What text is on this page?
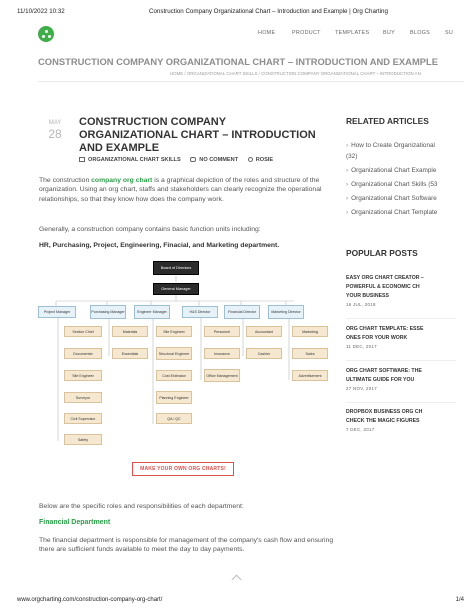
11/10/2022 10:32	Construction Company Organizational Chart – Introduction and Example | Org Charting
HOME	PRODUCT	TEMPLATES	BUY	BLOGS	SU
CONSTRUCTION COMPANY ORGANIZATIONAL CHART – INTRODUCTION AND EXAMPLE
HOME / ORGANIZATIONAL CHART SKILLS / CONSTRUCTION COMPANY ORGANIZATIONAL CHART – INTRODUCTION AN
MAY
28
CONSTRUCTION COMPANY ORGANIZATIONAL CHART – INTRODUCTION AND EXAMPLE
ORGANIZATIONAL CHART SKILLS	NO COMMENT	ROSIE

The construction company org chart is a graphical depiction of the roles and structure of the organization. Using an org chart, staffs and stakeholders can clearly recognize the operational relationships, so that they know how does the company work.

Generally, a construction company contains basic function units including:

HR, Purchasing, Project, Engineering, Finacial, and Marketing department.

Board of Directors
General Manager
Project Manager	Purchasing Manager	Engineer Manager	H&S Director	Financial Director	Marketing Director
Section Chief
Documenter
Site Engineer
Surveyor
Civil Supervisor
Safety
Materials
Essentials
Site Engineer
Structural Engineer
Cost Estimator
Planning Engineer
QA / QC
Personnel
Insurance
Office Management
Accountant
Cashier
Marketing
Sales
Advertisement
MAKE YOUR OWN ORG CHARTS!

Below are the specific roles and responsibilities of each department:

Financial Department

The financial department is responsible for management of the company's cash flow and ensuring there are sufficient funds available to meet the day to day payments.

RELATED ARTICLES
› How to Create Organizational
(32)
› Organizational Chart Example
› Organizational Chart Skills (53
› Organizational Chart Software
› Organizational Chart Template
POPULAR POSTS
EASY ORG CHART CREATOR –
POWERFUL & ECONOMIC CH
YOUR BUSINESS
16 JUL, 2018
ORG CHART TEMPLATE: ESSE
ONES FOR YOUR WORK
11 DEC, 2017
ORG CHART SOFTWARE: THE
ULTIMATE GUIDE FOR YOU
27 NOV, 2017
DROPBOX BUSINESS ORG CH
CHECK THE MAGIC FIGURES
7 DEC, 2017
www.orgcharting.com/construction-company-org-chart/	1/4
